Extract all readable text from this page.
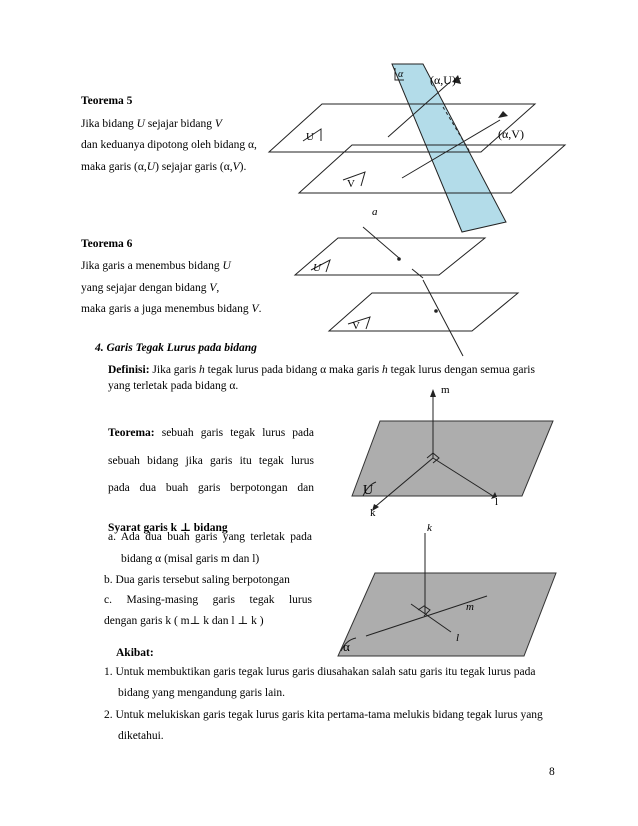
Teorema 5
Jika bidang U sejajar bidang V
dan keduanya dipotong oleh bidang α,
maka garis (α,U) sejajar garis (α,V).
α (α,U)
(α,V)
U
V
Teorema 6
Jika garis a menembus bidang U
yang sejajar dengan bidang V,
maka garis a juga menembus bidang V.
a
U
V
4. Garis Tegak Lurus pada bidang
Definisi: Jika garis h tegak lurus pada bidang α maka garis h tegak lurus dengan semua garis
yang terletak pada bidang α.
Teorema: sebuah garis tegak lurus pada
sebuah bidang jika garis itu tegak lurus
pada dua buah garis berpotongan dan
m
l
k
U
Syarat garis k ⊥ bidang
a. Ada dua buah garis yang terletak pada
bidang α (misal garis m dan l)
b. Dua garis tersebut saling berpotongan
c. Masing-masing garis tegak lurus
dengan garis k ( m⊥ k dan l ⊥ k )
k
m
l
α
Akibat:
1. Untuk membuktikan garis tegak lurus garis diusahakan salah satu garis itu tegak lurus pada
bidang yang mengandung garis lain.
2. Untuk melukiskan garis tegak lurus garis kita pertama-tama melukis bidang tegak lurus yang
diketahui.
8
